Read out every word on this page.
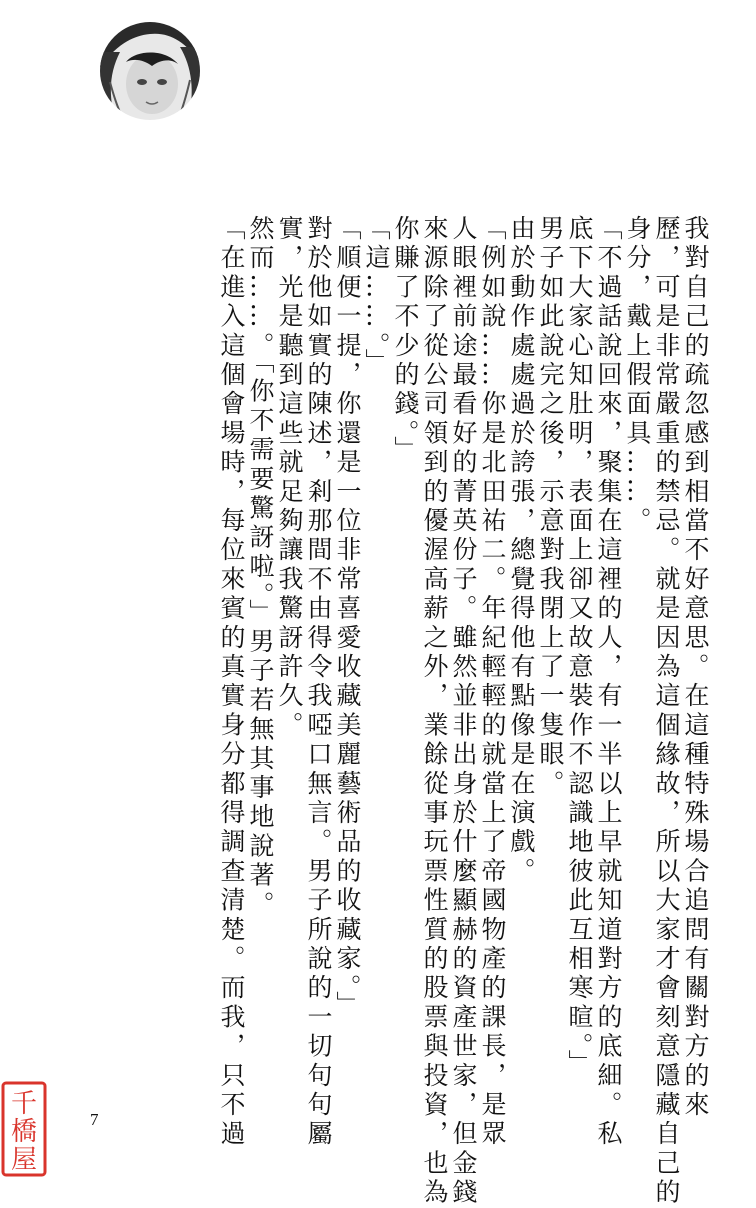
我對自己的疏忽感到相當不好意思。在這種特殊場合追問有關對方的來
歷，可是非常嚴重的禁忌。就是因為這個緣故，所以大家才會刻意隱藏自己的
身分，戴上假面具……。
「不過話說回來，聚集在這裡的人，有一半以上早就知道對方的底細。私
底下大家心知肚明，表面上卻又故意裝作不認識地彼此互相寒暄。」
男子如此說完之後，示意對我閉上了一隻眼。
由於動作處處過於誇張，總覺得他有點像是在演戲。
「例如說……你是北田祐二。年紀輕輕的就當上了帝國物產的課長，是眾
人眼裡前途最看好的菁英份子。雖然並非出身於什麼顯赫的資產世家，但金錢
來源除了從公司領到的優渥高薪之外，業餘從事玩票性質的股票與投資，也為
你賺了不少的錢。」
「這……。」
「順便一提，你還是一位非常喜愛收藏美麗藝術品的收藏家。」
對於他如實的陳述，剎那間不由得令我啞口無言。男子所說的一切句句屬
實，光是聽到這些就足夠讓我驚訝許久。
然而……。「你不需要驚訝啦。」男子若無其事地說著。
「在進入這個會場時，每位來賓的真實身分都得調查清楚。而我，只不過
7
千
橋
屋
